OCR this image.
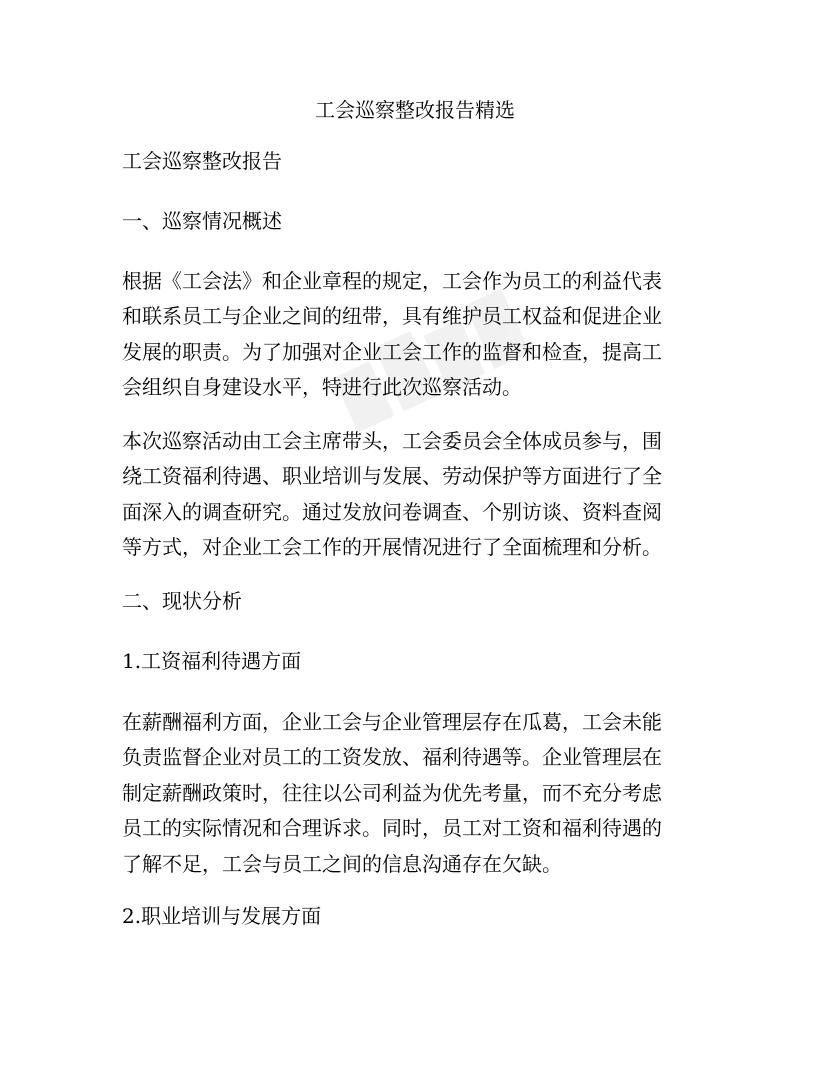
工会巡察整改报告精选
工会巡察整改报告
一、巡察情况概述
根据《工会法》和企业章程的规定，工会作为员工的利益代表
和联系员工与企业之间的纽带，具有维护员工权益和促进企业
发展的职责。为了加强对企业工会工作的监督和检查，提高工
会组织自身建设水平，特进行此次巡察活动。
本次巡察活动由工会主席带头，工会委员会全体成员参与，围
绕工资福利待遇、职业培训与发展、劳动保护等方面进行了全
面深入的调查研究。通过发放问卷调查、个别访谈、资料查阅
等方式，对企业工会工作的开展情况进行了全面梳理和分析。
二、现状分析
1.工资福利待遇方面
在薪酬福利方面，企业工会与企业管理层存在瓜葛，工会未能
负责监督企业对员工的工资发放、福利待遇等。企业管理层在
制定薪酬政策时，往往以公司利益为优先考量，而不充分考虑
员工的实际情况和合理诉求。同时，员工对工资和福利待遇的
了解不足，工会与员工之间的信息沟通存在欠缺。
2.职业培训与发展方面
